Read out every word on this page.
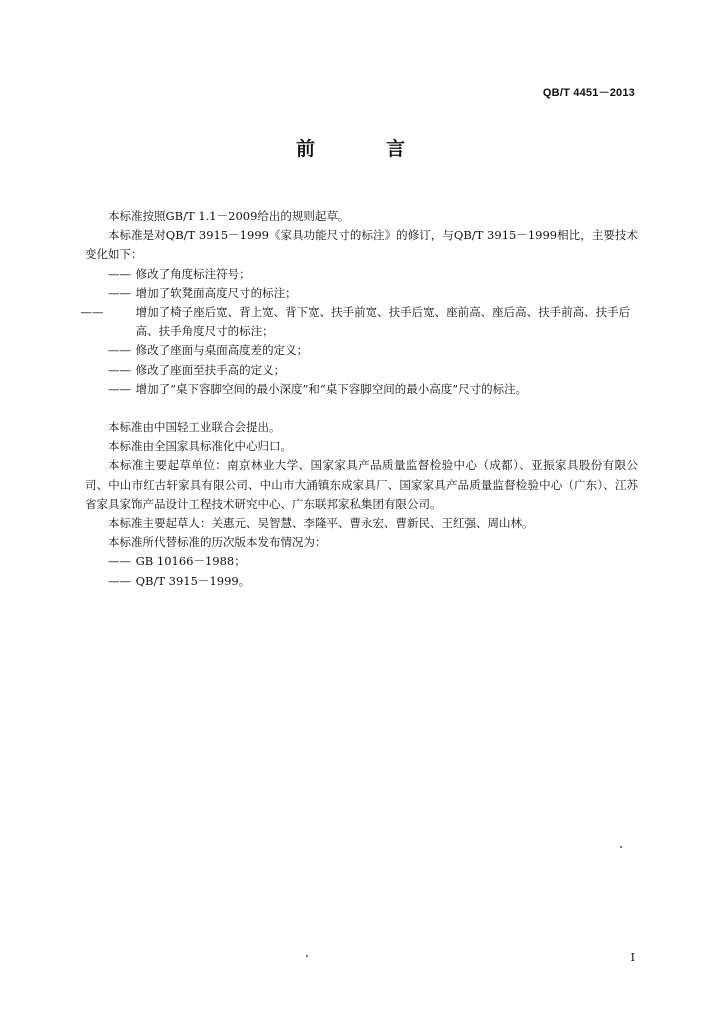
QB/T 4451－2013
前　言

本标准按照GB/T 1.1－2009给出的规则起草。

本标准是对QB/T 3915－1999《家具功能尺寸的标注》的修订，与QB/T 3915－1999相比，主要技术变化如下：

—— 修改了角度标注符号；

—— 增加了软凳面高度尺寸的标注；

——	增加了椅子座后宽、背上宽、背下宽、扶手前宽、扶手后宽、座前高、座后高、扶手前高、扶手后高、扶手角度尺寸的标注；

—— 修改了座面与桌面高度差的定义；

—— 修改了座面至扶手高的定义；

—— 增加了“桌下容脚空间的最小深度”和“桌下容脚空间的最小高度”尺寸的标注。

本标准由中国轻工业联合会提出。

本标准由全国家具标准化中心归口。

本标准主要起草单位：南京林业大学、国家家具产品质量监督检验中心（成都）、亚振家具股份有限公司、中山市红古轩家具有限公司、中山市大涌镇东成家具厂、国家家具产品质量监督检验中心（广东）、江苏省家具家饰产品设计工程技术研究中心、广东联邦家私集团有限公司。

本标准主要起草人：关惠元、吴智慧、李隆平、曹永宏、曹新民、王红强、周山林。

本标准所代替标准的历次版本发布情况为：

—— GB 10166－1988；

—— QB/T 3915－1999。

I
